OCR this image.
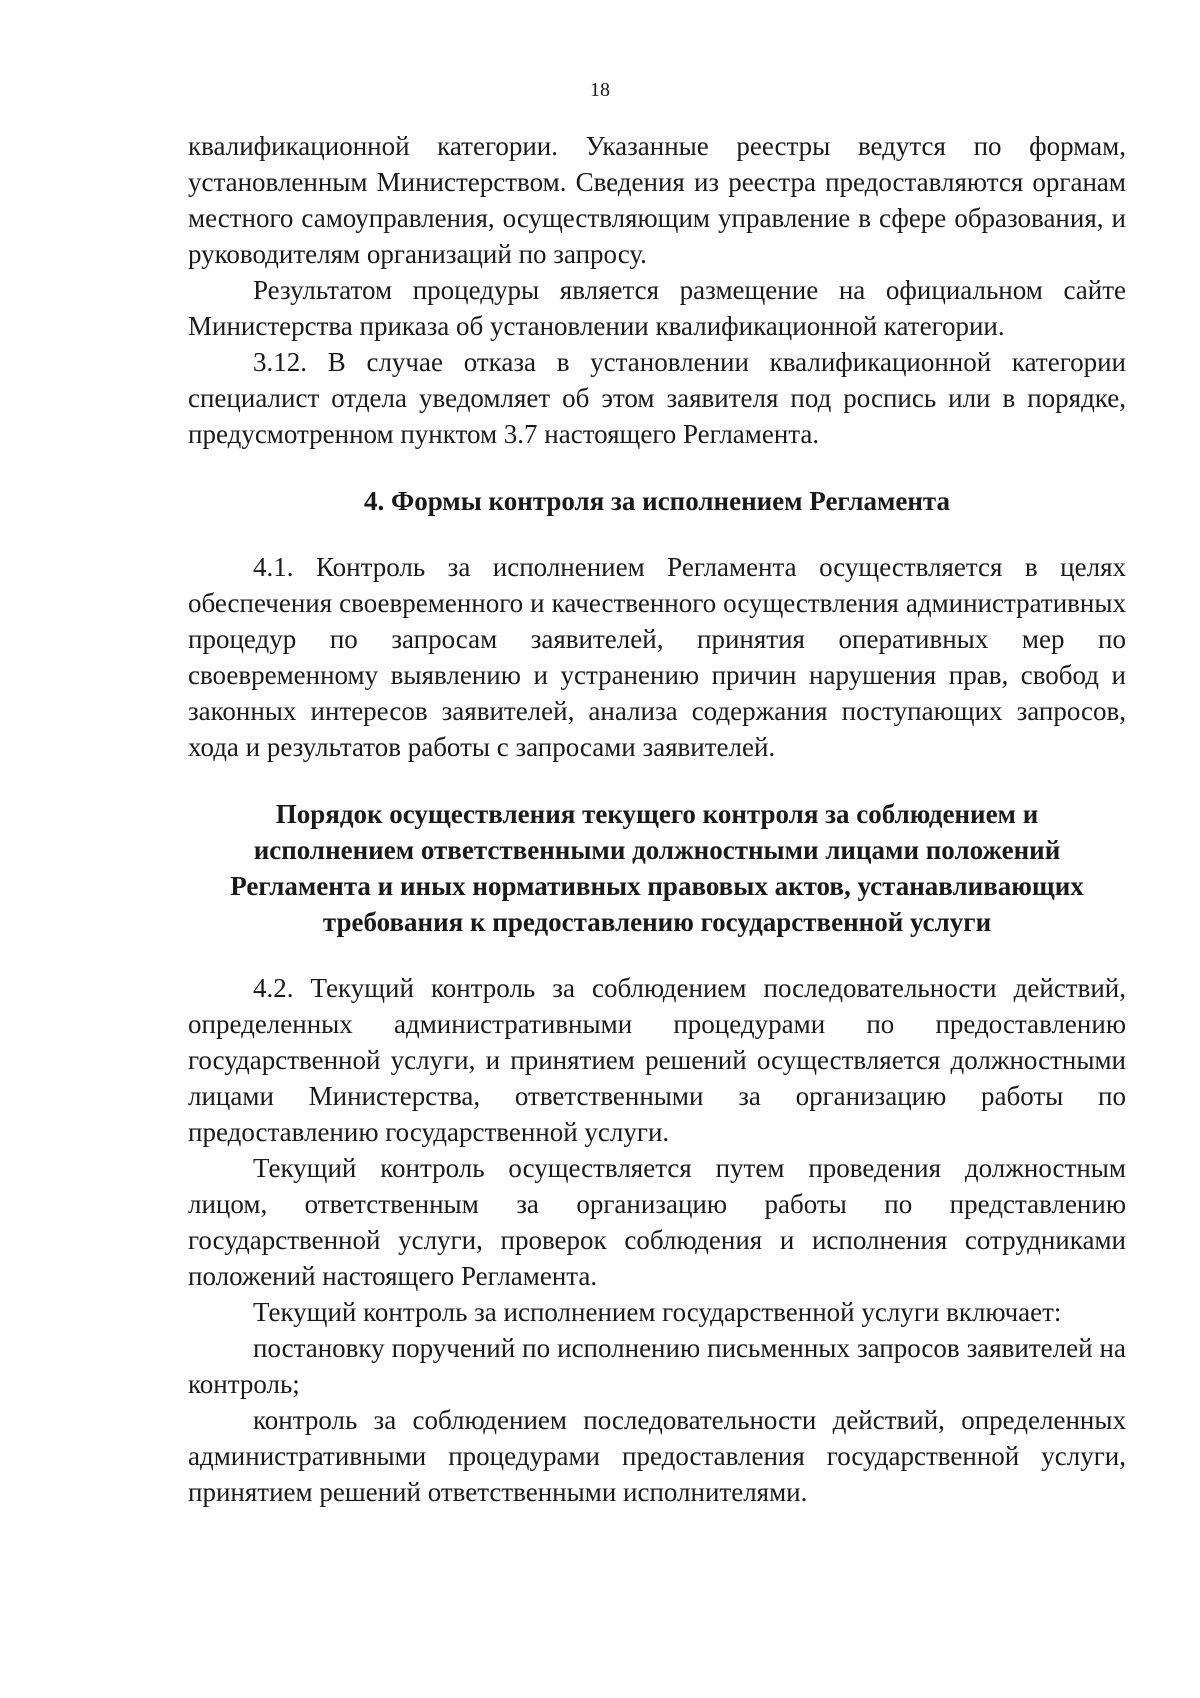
18

квалификационной категории. Указанные реестры ведутся по формам, установленным Министерством. Сведения из реестра предоставляются органам местного самоуправления, осуществляющим управление в сфере образования, и руководителям организаций по запросу.

Результатом процедуры является размещение на официальном сайте Министерства приказа об установлении квалификационной категории.

3.12. В случае отказа в установлении квалификационной категории специалист отдела уведомляет об этом заявителя под роспись или в порядке, предусмотренном пунктом 3.7 настоящего Регламента.

4. Формы контроля за исполнением Регламента

4.1. Контроль за исполнением Регламента осуществляется в целях обеспечения своевременного и качественного осуществления административных процедур по запросам заявителей, принятия оперативных мер по своевременному выявлению и устранению причин нарушения прав, свобод и законных интересов заявителей, анализа содержания поступающих запросов, хода и результатов работы с запросами заявителей.

Порядок осуществления текущего контроля за соблюдением и
исполнением ответственными должностными лицами положений
Регламента и иных нормативных правовых актов, устанавливающих
требования к предоставлению государственной услуги

4.2. Текущий контроль за соблюдением последовательности действий, определенных административными процедурами по предоставлению государственной услуги, и принятием решений осуществляется должностными лицами Министерства, ответственными за организацию работы по предоставлению государственной услуги.

Текущий контроль осуществляется путем проведения должностным лицом, ответственным за организацию работы по представлению государственной услуги, проверок соблюдения и исполнения сотрудниками положений настоящего Регламента.

Текущий контроль за исполнением государственной услуги включает:

постановку поручений по исполнению письменных запросов заявителей на контроль;

контроль за соблюдением последовательности действий, определенных административными процедурами предоставления государственной услуги, принятием решений ответственными исполнителями.
